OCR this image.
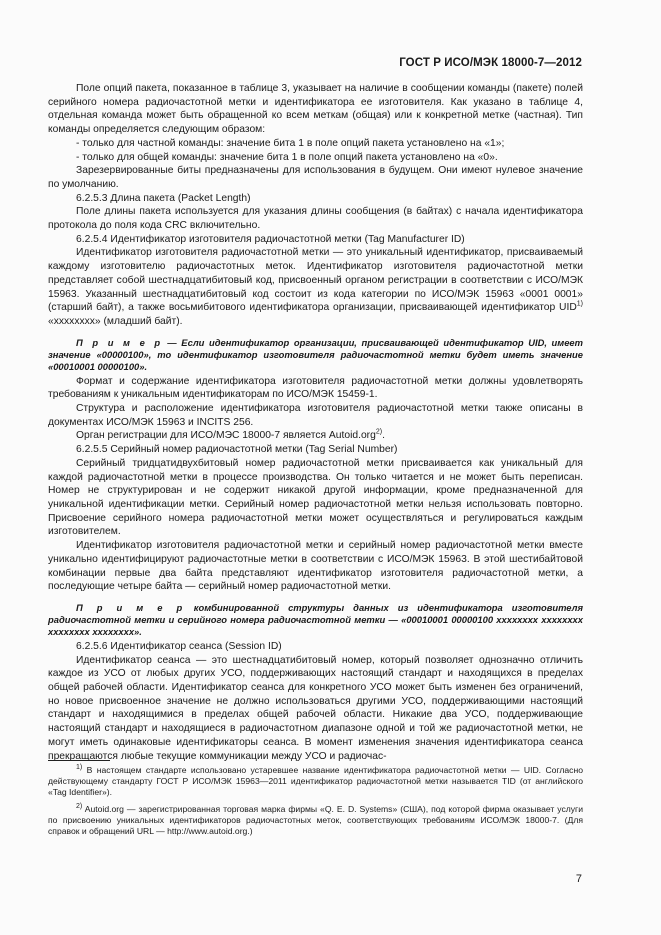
ГОСТ Р ИСО/МЭК 18000-7—2012

Поле опций пакета, показанное в таблице 3, указывает на наличие в сообщении команды (пакете) полей серийного номера радиочастотной метки и идентификатора ее изготовителя. Как указано в таблице 4, отдельная команда может быть обращенной ко всем меткам (общая) или к конкретной метке (частная). Тип команды определяется следующим образом:

- только для частной команды: значение бита 1 в поле опций пакета установлено на «1»;

- только для общей команды: значение бита 1 в поле опций пакета установлено на «0».

Зарезервированные биты предназначены для использования в будущем. Они имеют нулевое значение по умолчанию.

6.2.5.3 Длина пакета (Packet Length)

Поле длины пакета используется для указания длины сообщения (в байтах) с начала идентификатора протокола до поля кода CRC включительно.

6.2.5.4 Идентификатор изготовителя радиочастотной метки (Tag Manufacturer ID)

Идентификатор изготовителя радиочастотной метки — это уникальный идентификатор, присваиваемый каждому изготовителю радиочастотных меток. Идентификатор изготовителя радиочастотной метки представляет собой шестнадцатибитовый код, присвоенный органом регистрации в соответствии с ИСО/МЭК 15963. Указанный шестнадцатибитовый код состоит из кода категории по ИСО/МЭК 15963 «0001 0001» (старший байт), а также восьмибитового идентификатора организации, присваивающей идентификатор UID$^{1)}$ «xxxxxxxx» (младший байт).

П р и м е р — Если идентификатор организации, присваивающей идентификатор UID, имеет значение «00000100», то идентификатор изготовителя радиочастотной метки будет иметь значение «00010001 00000100».

Формат и содержание идентификатора изготовителя радиочастотной метки должны удовлетворять требованиям к уникальным идентификаторам по ИСО/МЭК 15459-1.

Структура и расположение идентификатора изготовителя радиочастотной метки также описаны в документах ИСО/МЭК 15963 и INCITS 256.

Орган регистрации для ИСО/МЭС 18000-7 является Autoid.org$^{2)}$.

6.2.5.5 Серийный номер радиочастотной метки (Tag Serial Number)

Серийный тридцатидвухбитовый номер радиочастотной метки присваивается как уникальный для каждой радиочастотной метки в процессе производства. Он только читается и не может быть переписан. Номер не структурирован и не содержит никакой другой информации, кроме предназначенной для уникальной идентификации метки. Серийный номер радиочастотной метки нельзя использовать повторно. Присвоение серийного номера радиочастотной метки может осуществляться и регулироваться каждым изготовителем.

Идентификатор изготовителя радиочастотной метки и серийный номер радиочастотной метки вместе уникально идентифицируют радиочастотные метки в соответствии с ИСО/МЭК 15963. В этой шестибайтовой комбинации первые два байта представляют идентификатор изготовителя радиочастотной метки, а последующие четыре байта — серийный номер радиочастотной метки.

П р и м е р комбинированной структуры данных из идентификатора изготовителя радиочастотной метки и серийного номера радиочастотной метки — «00010001 00000100 xxxxxxxx xxxxxxxx xxxxxxxx xxxxxxxx».

6.2.5.6 Идентификатор сеанса (Session ID)

Идентификатор сеанса — это шестнадцатибитовый номер, который позволяет однозначно отличить каждое из УСО от любых других УСО, поддерживающих настоящий стандарт и находящихся в пределах общей рабочей области. Идентификатор сеанса для конкретного УСО может быть изменен без ограничений, но новое присвоенное значение не должно использоваться другими УСО, поддерживающими настоящий стандарт и находящимися в пределах общей рабочей области. Никакие два УСО, поддерживающие настоящий стандарт и находящиеся в радиочастотном диапазоне одной и той же радиочастотной метки, не могут иметь одинаковые идентификаторы сеанса. В момент изменения значения идентификатора сеанса прекращаются любые текущие коммуникации между УСО и радиочас-

$^{1)}$ В настоящем стандарте использовано устаревшее название идентификатора радиочастотной метки — UID. Согласно действующему стандарту ГОСТ Р ИСО/МЭК 15963—2011 идентификатор радиочастотной метки называется TID (от английского «Tag Identifier»).

$^{2)}$ Autoid.org — зарегистрированная торговая марка фирмы «Q. E. D. Systems» (США), под которой фирма оказывает услуги по присвоению уникальных идентификаторов радиочастотных меток, соответствующих требованиям ИСО/МЭК 18000-7. (Для справок и обращений URL — http://www.autoid.org.)

7
